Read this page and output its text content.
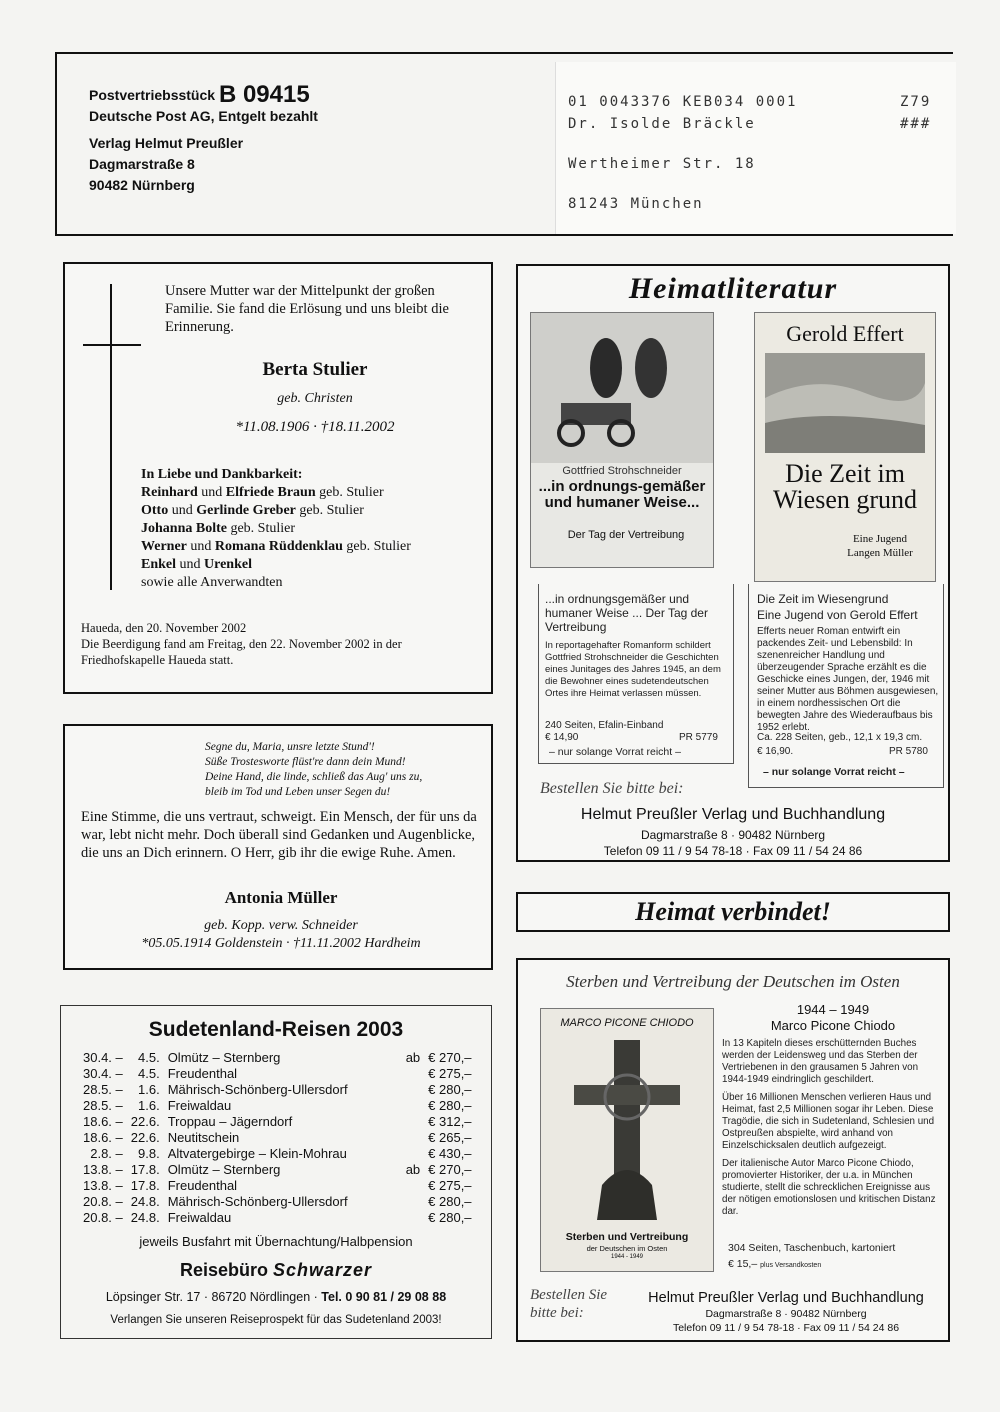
Postvertriebsstück B 09415
Deutsche Post AG, Entgelt bezahlt
Verlag Helmut Preußler
Dagmarstraße 8
90482 Nürnberg
01 0043376 KEB034 0001	Z79
Dr. Isolde Bräckle	###
Wertheimer Str. 18
81243 München
Unsere Mutter war der Mittelpunkt der großen Familie. Sie fand die Erlösung und uns bleibt die Erinnerung.
Berta Stulier
geb. Christen
*11.08.1906 · †18.11.2002
In Liebe und Dankbarkeit:
Reinhard und Elfriede Braun geb. Stulier
Otto und Gerlinde Greber geb. Stulier
Johanna Bolte geb. Stulier
Werner und Romana Rüddenklau geb. Stulier
Enkel und Urenkel
sowie alle Anverwandten
Haueda, den 20. November 2002
Die Beerdigung fand am Freitag, den 22. November 2002 in der Friedhofskapelle Haueda statt.
Segne du, Maria, unsre letzte Stund'!
Süße Trosteswortе flüst're dann dein Mund!
Deine Hand, die linde, schließ das Aug' uns zu,
bleib im Tod und Leben unser Segen du!
Eine Stimme, die uns vertraut, schweigt. Ein Mensch, der für uns da war, lebt nicht mehr. Doch überall sind Gedanken und Augenblicke, die uns an Dich erinnern. O Herr, gib ihr die ewige Ruhe. Amen.
Antonia Müller
geb. Kopp. verw. Schneider
*05.05.1914 Goldenstein · †11.11.2002 Hardheim
Sudetenland-Reisen 2003
30.4. –	4.5.	Olmütz – Sternberg	ab	€ 270,–
30.4. –	4.5.	Freudenthal		€ 275,–
28.5. –	1.6.	Mährisch-Schönberg-Ullersdorf		€ 280,–
28.5. –	1.6.	Freiwaldau		€ 280,–
18.6. –	22.6.	Troppau – Jägerndorf		€ 312,–
18.6. –	22.6.	Neutitschein		€ 265,–
2.8. –	9.8.	Altvatergebirge – Klein-Mohrau		€ 430,–
13.8. –	17.8.	Olmütz – Sternberg	ab	€ 270,–
13.8. –	17.8.	Freudenthal		€ 275,–
20.8. –	24.8.	Mährisch-Schönberg-Ullersdorf		€ 280,–
20.8. –	24.8.	Freiwaldau		€ 280,–
jeweils Busfahrt mit Übernachtung/Halbpension
Reisebüro Schwarzer
Löpsinger Str. 17 · 86720 Nördlingen · Tel. 0 90 81 / 29 08 88
Verlangen Sie unseren Reiseprospekt für das Sudetenland 2003!
Heimatliteratur
Gottfried Strohschneider
...in ordnungs-gemäßer und humaner Weise...
Der Tag der Vertreibung
Gerold Effert
Die Zeit im Wiesen grund
Eine Jugend
Langen Müller
...in ordnungsgemäßer und humaner Weise ... Der Tag der Vertreibung
In reportagehafter Romanform schildert Gottfried Strohschneider die Geschichten eines Junitages des Jahres 1945, an dem die Bewohner eines sudetendeutschen Ortes ihre Heimat verlassen müssen.
240 Seiten, Efalin-Einband
€ 14,90	PR 5779
– nur solange Vorrat reicht –
Die Zeit im Wiesengrund
Eine Jugend von Gerold Effert
Efferts neuer Roman entwirft ein packendes Zeit- und Lebensbild: In szenenreicher Handlung und überzeugender Sprache erzählt es die Geschicke eines Jungen, der, 1946 mit seiner Mutter aus Böhmen ausgewiesen, in einem nordhessischen Ort die bewegten Jahre des Wiederaufbaus bis 1952 erlebt.
Ca. 228 Seiten, geb., 12,1 x 19,3 cm.
€ 16,90.	PR 5780
– nur solange Vorrat reicht –
Bestellen Sie bitte bei:
Helmut Preußler Verlag und Buchhandlung
Dagmarstraße 8 · 90482 Nürnberg
Telefon 09 11 / 9 54 78-18 · Fax 09 11 / 54 24 86
Heimat verbindet!
Sterben und Vertreibung der Deutschen im Osten
MARCO PICONE CHIODO
Sterben und Vertreibung
der Deutschen im Osten
1944 - 1949
1944 – 1949
Marco Picone Chiodo
In 13 Kapiteln dieses erschütternden Buches werden der Leidensweg und das Sterben der Vertriebenen in den grausamen 5 Jahren von 1944-1949 eindringlich geschildert.
Über 16 Millionen Menschen verlieren Haus und Heimat, fast 2,5 Millionen sogar ihr Leben. Diese Tragödie, die sich in Sudetenland, Schlesien und Ostpreußen abspielte, wird anhand von Einzelschicksalen deutlich aufgezeigt.
Der italienische Autor Marco Picone Chiodo, promovierter Historiker, der u.a. in München studierte, stellt die schrecklichen Ereignisse aus der nötigen emotionslosen und kritischen Distanz dar.
304 Seiten, Taschenbuch, kartoniert
€ 15,– plus Versandkosten
Bestellen Sie
bitte bei:
Helmut Preußler Verlag und Buchhandlung
Dagmarstraße 8 · 90482 Nürnberg
Telefon 09 11 / 9 54 78-18 · Fax 09 11 / 54 24 86
